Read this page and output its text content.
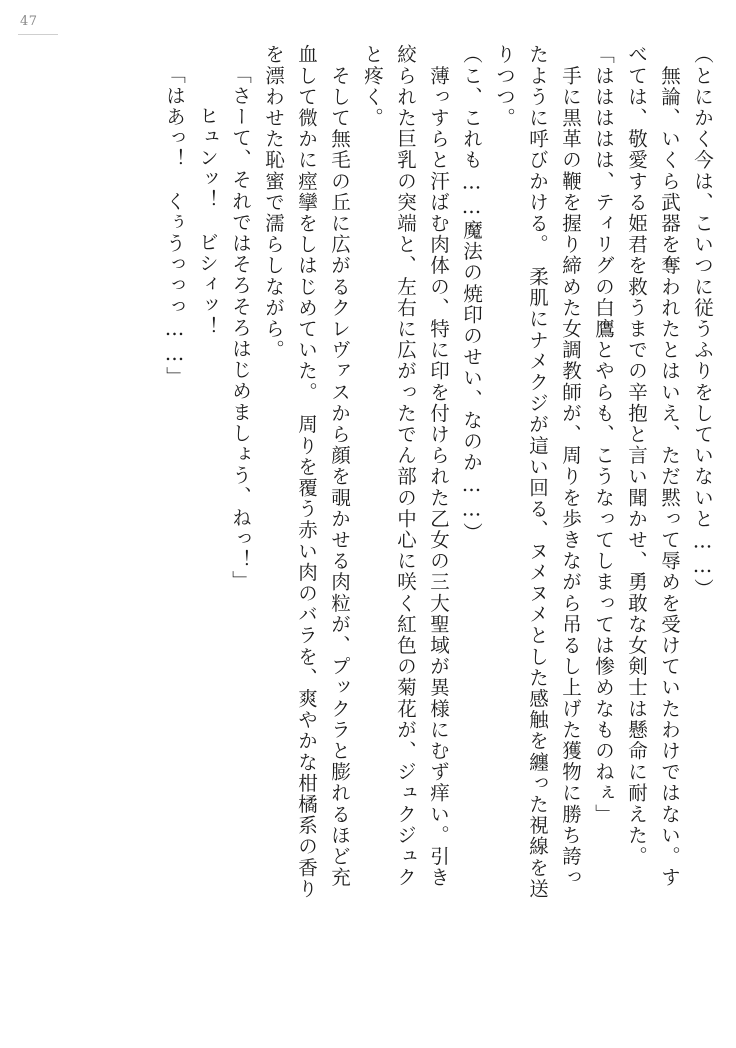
47
（とにかく今は、こいつに従うふりをしていないと……）
　無論、いくら武器を奪われたとはいえ、ただ黙って辱めを受けていたわけではない。す
べては、敬愛する姫君を救うまでの辛抱と言い聞かせ、勇敢な女剣士は懸命に耐えた。
「ははははは、ティリグの白鷹とやらも、こうなってしまっては惨めなものねぇ」
　手に黒革の鞭を握り締めた女調教師が、周りを歩きながら吊るし上げた獲物に勝ち誇っ
たように呼びかける。　柔肌にナメクジが這い回る、ヌメヌメとした感触を纏った視線を送
りつつ。
（こ、これも……魔法の焼印のせい、なのか……）
　薄っすらと汗ばむ肉体の、特に印を付けられた乙女の三大聖域が異様にむず痒い。引き
絞られた巨乳の突端と、左右に広がったでん部の中心に咲く紅色の菊花が、ジュクジュク
と疼く。
　そして無毛の丘に広がるクレヴァスから顔を覗かせる肉粒が、プックラと膨れるほど充
血して微かに痙攣をしはじめていた。　周りを覆う赤い肉のバラを、爽やかな柑橘系の香り
を漂わせた恥蜜で濡らしながら。
「さーて、それではそろそろはじめましょう、ねっ！」
　ヒュンッ！　ビシィッ！
「はあっ！　くぅうっっっ……」
